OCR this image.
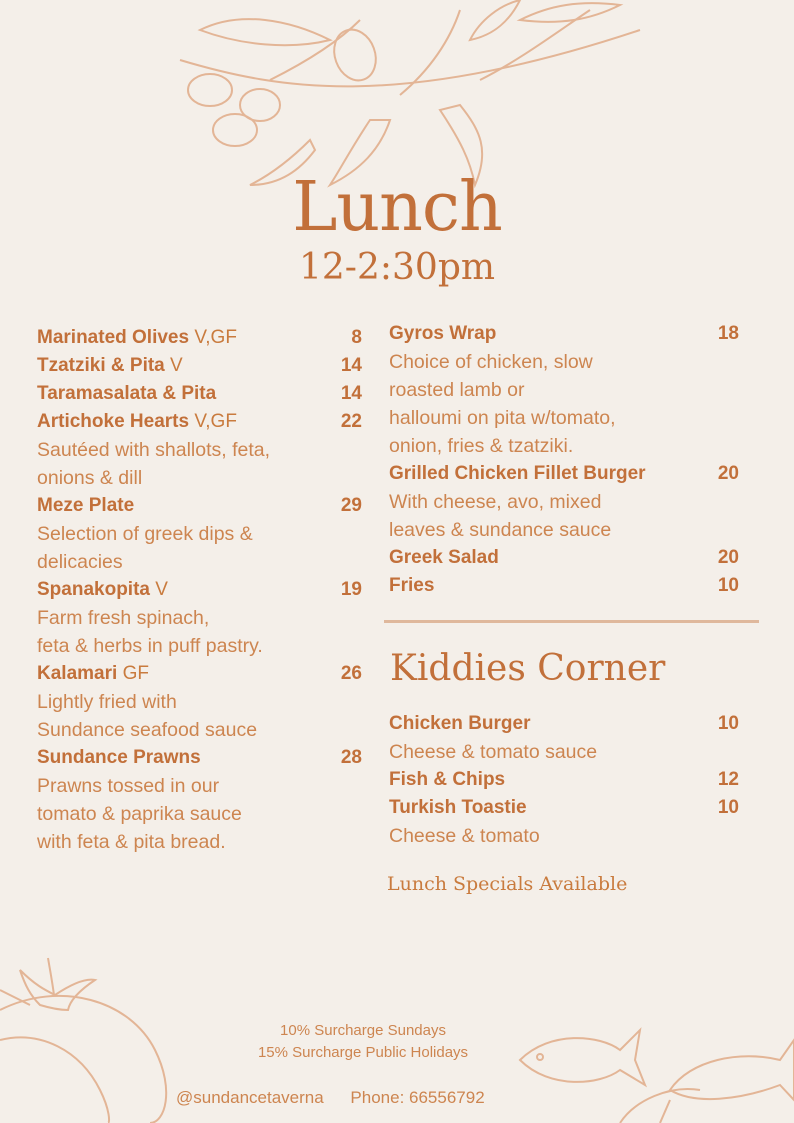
Lunch
12-2:30pm
Marinated Olives V,GF	8
Tzatziki & Pita V	14
Taramasalata & Pita	14
Artichoke Hearts V,GF	22
Sautéed with shallots, feta,
onions & dill
Meze Plate	29
Selection of greek dips &
delicacies
Spanakopita V	19
Farm fresh spinach,
feta & herbs in puff pastry.
Kalamari GF	26
Lightly fried with
Sundance seafood sauce
Sundance Prawns	28
Prawns tossed in our
tomato & paprika sauce
with feta & pita bread.
Gyros Wrap	18
Choice of chicken, slow
roasted lamb or
halloumi on pita w/tomato,
onion, fries & tzatziki.
Grilled Chicken Fillet Burger	20
With cheese, avo, mixed
leaves & sundance sauce
Greek Salad	20
Fries	10
Kiddies Corner
Chicken Burger	10
Cheese & tomato sauce
Fish & Chips	12
Turkish Toastie	10
Cheese & tomato
Lunch Specials Available
10% Surcharge Sundays
15% Surcharge Public Holidays
@sundancetaverna Phone: 66556792
